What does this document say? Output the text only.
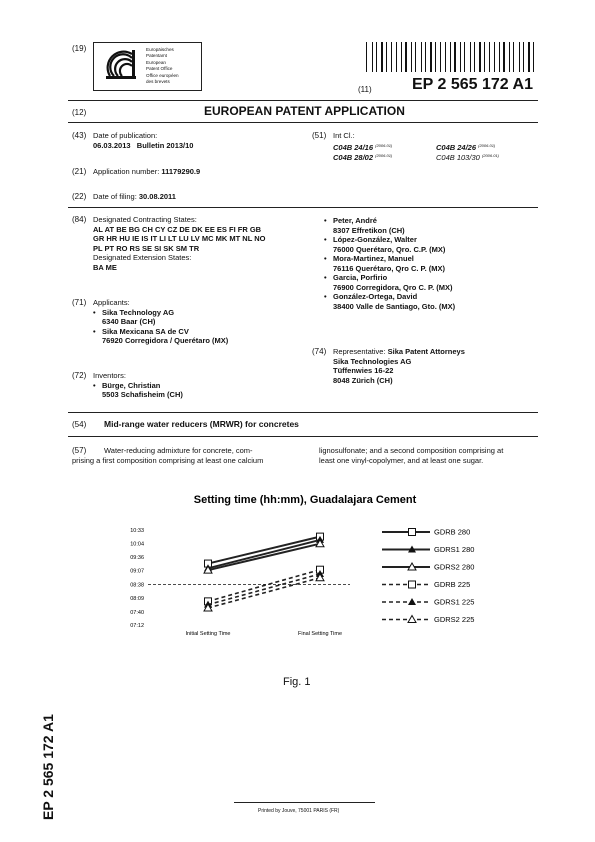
(19)	Europäisches
Patentamt
European
Patent Office
Office européen
des brevets
(11)	EP 2 565 172 A1
(12)	EUROPEAN PATENT APPLICATION
(43) Date of publication:
06.03.2013   Bulletin 2013/10
(21) Application number: 11179290.9
(22) Date of filing: 30.08.2011
(51) Int Cl.:
C04B 24/16 $^{(2006.01)}$	C04B 24/26 $^{(2006.01)}$
C04B 28/02 $^{(2006.01)}$	C04B 103/30 $^{(2006.01)}$
(84) Designated Contracting States:
AL AT BE BG CH CY CZ DE DK EE ES FI FR GB
GR HR HU IE IS IT LI LT LU LV MC MK MT NL NO
PL PT RO RS SE SI SK SM TR
Designated Extension States:
BA ME
(71) Applicants:
• Sika Technology AG
6340 Baar (CH)
• Sika Mexicana SA de CV
76920 Corregidora / Querétaro (MX)
(72) Inventors:
• Bürge, Christian
5503 Schafisheim (CH)
• Peter, André
8307 Effretikon (CH)
• López-González, Walter
76000 Querétaro, Qro. C.P. (MX)
• Mora-Martinez, Manuel
76116 Querétaro, Qro C. P. (MX)
• Garcia, Porfirio
76900 Corregidora, Qro C. P. (MX)
• González-Ortega, David
38400 Valle de Santiago, Gto. (MX)
(74) Representative: Sika Patent Attorneys
Sika Technologies AG
Tüffenwies 16-22
8048 Zürich (CH)
(54) Mid-range water reducers (MRWR) for concretes
(57) Water-reducing admixture for concrete, com-
prising a first composition comprising at least one calcium
lignosulfonate; and a second composition comprising at
least one vinyl-copolymer, and at least one sugar.
Setting time (hh:mm), Guadalajara Cement
10:33
10:04
09:36
09:07
08:38
08:09
07:40
07:12
Initial Setting Time	Final Setting Time
GDRB 280
GDRS1 280
GDRS2 280
GDRB 225
GDRS1 225
GDRS2 225
Fig. 1
EP 2 565 172 A1	Printed by Jouve, 75001 PARIS (FR)
